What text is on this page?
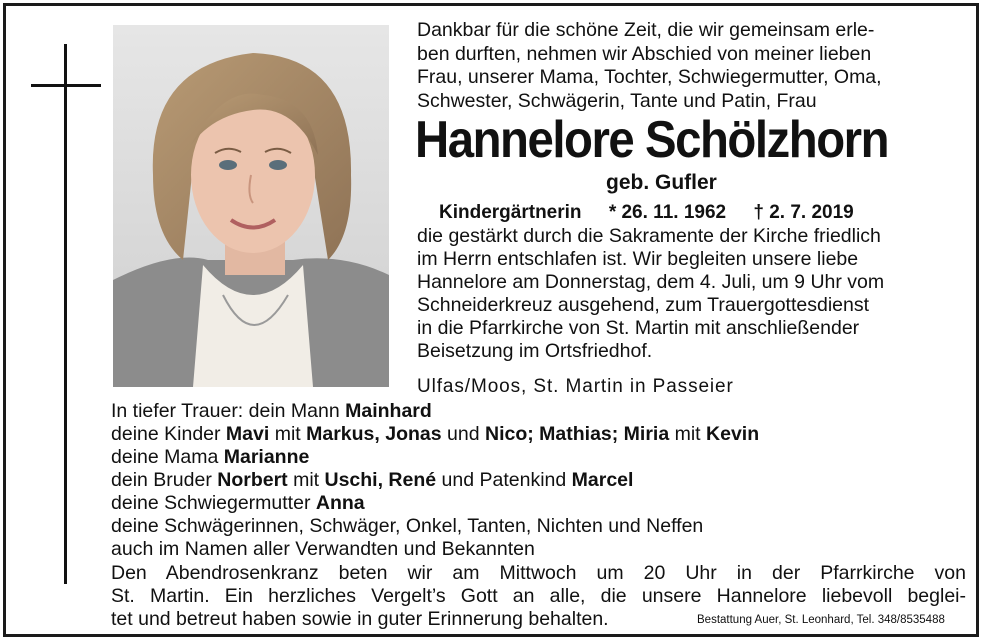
Dankbar für die schöne Zeit, die wir gemeinsam erle-
ben durften, nehmen wir Abschied von meiner lieben
Frau, unserer Mama, Tochter, Schwiegermutter, Oma,
Schwester, Schwägerin, Tante und Patin, Frau
Hannelore Schölzhorn
geb. Gufler
Kindergärtnerin * 26. 11. 1962 † 2. 7. 2019
die gestärkt durch die Sakramente der Kirche friedlich
im Herrn entschlafen ist. Wir begleiten unsere liebe
Hannelore am Donnerstag, dem 4. Juli, um 9 Uhr vom
Schneiderkreuz ausgehend, zum Trauergottesdienst
in die Pfarrkirche von St. Martin mit anschließender
Beisetzung im Ortsfriedhof.
Ulfas/Moos, St. Martin in Passeier
In tiefer Trauer: dein Mann Mainhard
deine Kinder Mavi mit Markus, Jonas und Nico; Mathias; Miria mit Kevin
deine Mama Marianne
dein Bruder Norbert mit Uschi, René und Patenkind Marcel
deine Schwiegermutter Anna
deine Schwägerinnen, Schwäger, Onkel, Tanten, Nichten und Neffen
auch im Namen aller Verwandten und Bekannten
Den Abendrosenkranz beten wir am Mittwoch um 20 Uhr in der Pfarrkirche von
St. Martin. Ein herzliches Vergelt’s Gott an alle, die unsere Hannelore liebevoll beglei-
tet und betreut haben sowie in guter Erinnerung behalten.	Bestattung Auer, St. Leonhard, Tel. 348/8535488
